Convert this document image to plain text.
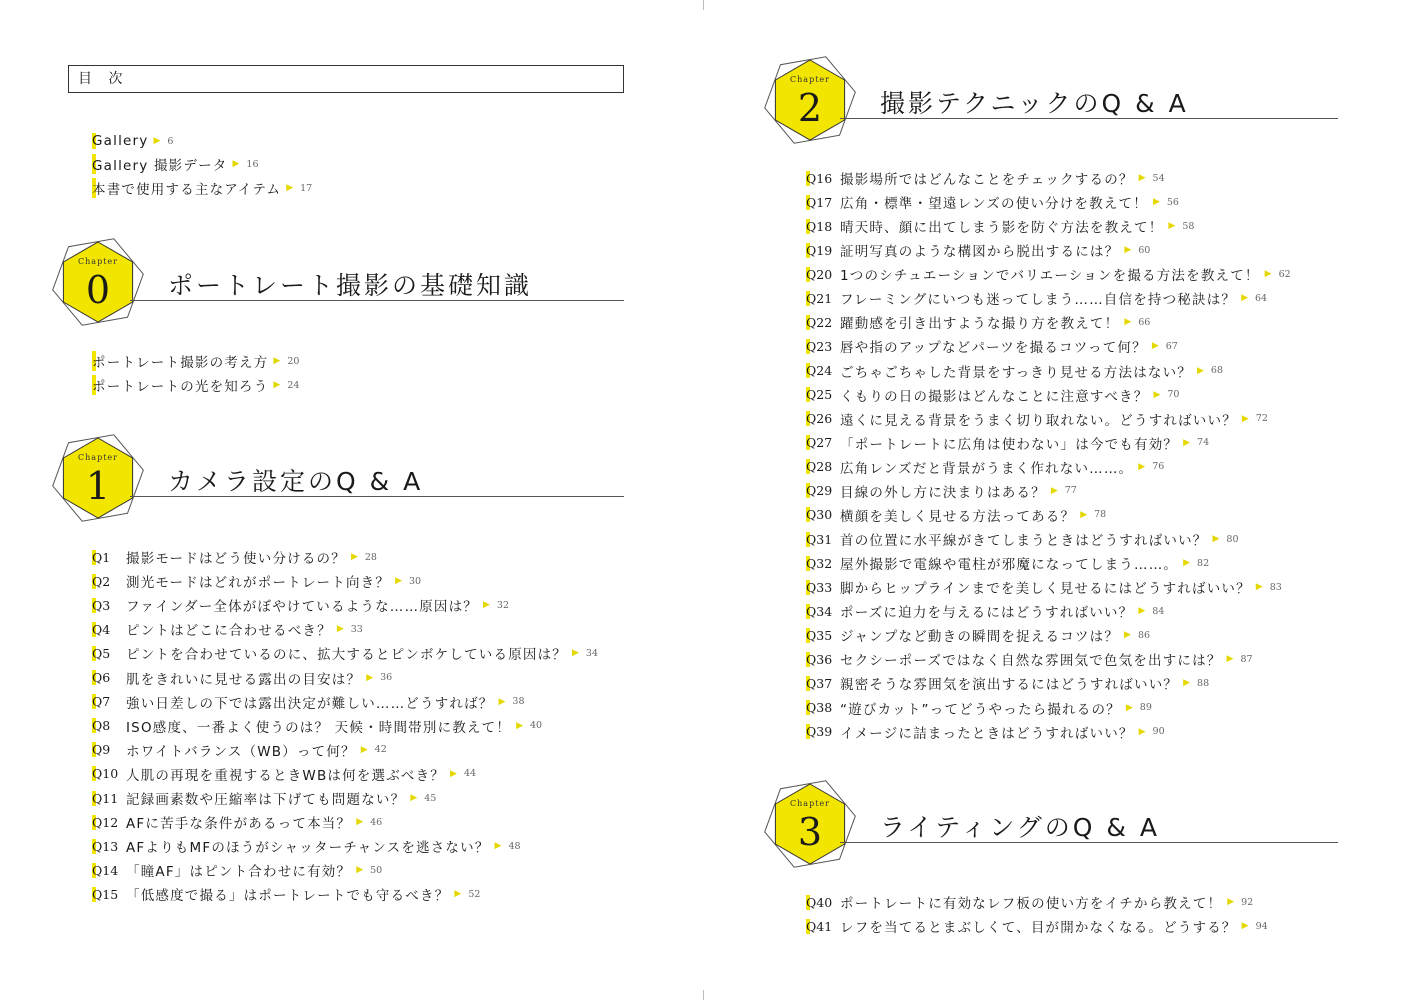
目 次
Gallery ▶ 6
Gallery 撮影データ ▶ 16
本書で使用する主なアイテム ▶ 17
Chapter
0 ポートレート撮影の基礎知識
ポートレート撮影の考え方 ▶ 20
ポートレートの光を知ろう ▶ 24
Chapter
1 カメラ設定のQ & A
Q1	撮影モードはどう使い分けるの？ ▶ 28
Q2	測光モードはどれがポートレート向き？ ▶ 30
Q3	ファインダー全体がぼやけているような……原因は？ ▶ 32
Q4	ピントはどこに合わせるべき？ ▶ 33
Q5	ピントを合わせているのに、拡大するとピンボケしている原因は？ ▶ 34
Q6	肌をきれいに見せる露出の目安は？ ▶ 36
Q7	強い日差しの下では露出決定が難しい……どうすれば？ ▶ 38
Q8	ISO感度、一番よく使うのは？ 天候・時間帯別に教えて！ ▶ 40
Q9	ホワイトバランス（WB）って何？ ▶ 42
Q10 人肌の再現を重視するときWBは何を選ぶべき？ ▶ 44
Q11 記録画素数や圧縮率は下げても問題ない？ ▶ 45
Q12 AFに苦手な条件があるって本当？ ▶ 46
Q13 AFよりもMFのほうがシャッターチャンスを逃さない？ ▶ 48
Q14 「瞳AF」はピント合わせに有効？ ▶ 50
Q15 「低感度で撮る」はポートレートでも守るべき？ ▶ 52
Chapter
2 撮影テクニックのQ & A
Q16 撮影場所ではどんなことをチェックするの？ ▶ 54
Q17 広角・標準・望遠レンズの使い分けを教えて！ ▶ 56
Q18 晴天時、顔に出てしまう影を防ぐ方法を教えて！ ▶ 58
Q19 証明写真のような構図から脱出するには？ ▶ 60
Q20 1つのシチュエーションでバリエーションを撮る方法を教えて！ ▶ 62
Q21 フレーミングにいつも迷ってしまう……自信を持つ秘訣は？ ▶ 64
Q22 躍動感を引き出すような撮り方を教えて！ ▶ 66
Q23 唇や指のアップなどパーツを撮るコツって何？ ▶ 67
Q24 ごちゃごちゃした背景をすっきり見せる方法はない？ ▶ 68
Q25 くもりの日の撮影はどんなことに注意すべき？ ▶ 70
Q26 遠くに見える背景をうまく切り取れない。どうすればいい？ ▶ 72
Q27 「ポートレートに広角は使わない」は今でも有効？ ▶ 74
Q28 広角レンズだと背景がうまく作れない……。 ▶ 76
Q29 目線の外し方に決まりはある？ ▶ 77
Q30 横顔を美しく見せる方法ってある？ ▶ 78
Q31 首の位置に水平線がきてしまうときはどうすればいい？ ▶ 80
Q32 屋外撮影で電線や電柱が邪魔になってしまう……。 ▶ 82
Q33 脚からヒップラインまでを美しく見せるにはどうすればいい？ ▶ 83
Q34 ポーズに迫力を与えるにはどうすればいい？ ▶ 84
Q35 ジャンプなど動きの瞬間を捉えるコツは？ ▶ 86
Q36 セクシーポーズではなく自然な雰囲気で色気を出すには？ ▶ 87
Q37 親密そうな雰囲気を演出するにはどうすればいい？ ▶ 88
Q38 “遊びカット”ってどうやったら撮れるの？ ▶ 89
Q39 イメージに詰まったときはどうすればいい？ ▶ 90
Chapter
3 ライティングのQ & A
Q40 ポートレートに有効なレフ板の使い方をイチから教えて！ ▶ 92
Q41 レフを当てるとまぶしくて、目が開かなくなる。どうする？ ▶ 94
